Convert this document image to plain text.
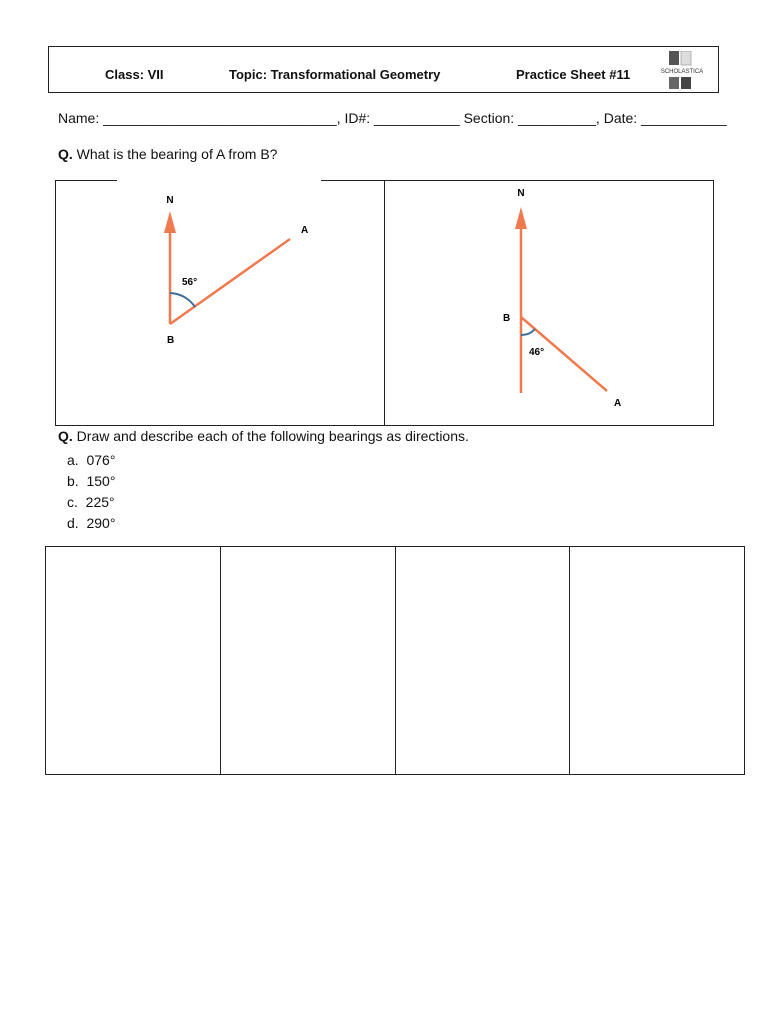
Class: VII	Topic: Transformational Geometry	Practice Sheet #11	SCHOLASTICA
Name: ______________________________, ID#: ___________ Section: __________, Date: ___________
Q. What is the bearing of A from B?
N
A
B
56°
N
B
A
46°
Q. Draw and describe each of the following bearings as directions.
a. 076°
b. 150°
c. 225°
d. 290°
